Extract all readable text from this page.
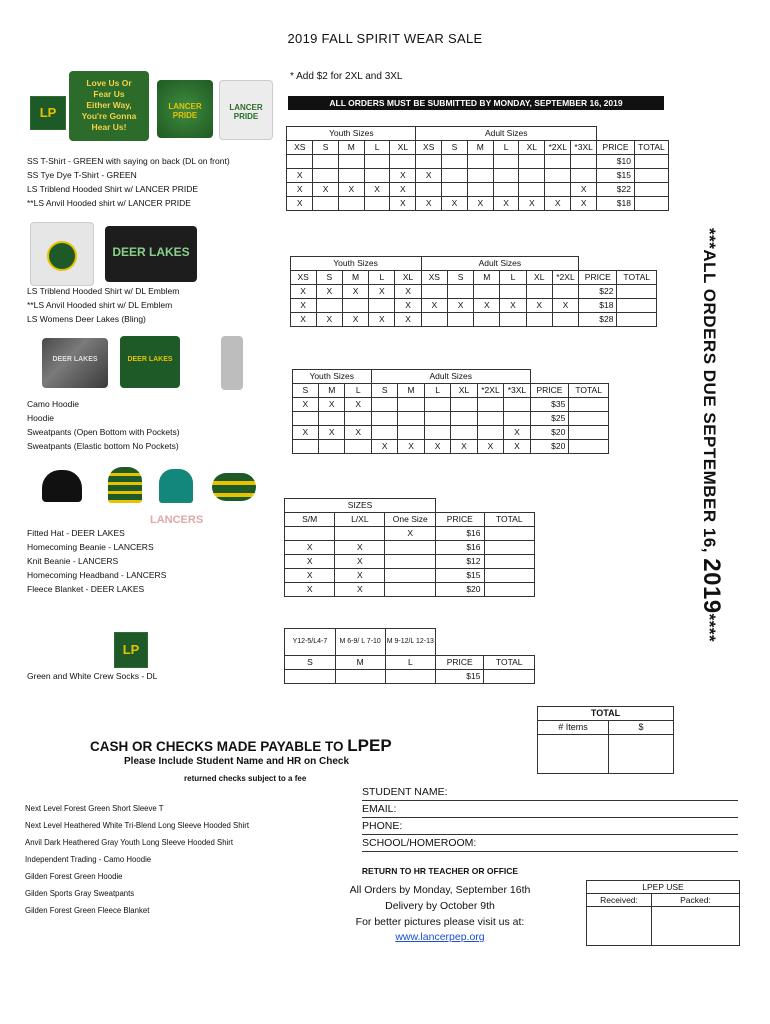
2019 FALL SPIRIT WEAR SALE
* Add $2 for 2XL and 3XL
LP
Love Us Or
Fear Us
Either Way,
You're Gonna
Hear Us!
LANCER PRIDE
LANCER PRIDE
ALL ORDERS MUST BE SUBMITTED BY MONDAY, SEPTEMBER 16, 2019
	Youth Sizes					Adult Sizes								
	XS	S	M	L	XL	XS	S	M	L	XL	*2XL	*3XL	PRICE	TOTAL
SS T-Shirt - GREEN with saying on back (DL on front)													$10	
SS Tye Dye T-Shirt - GREEN	X				X	X							$15	
LS Triblend Hooded Shirt w/ LANCER PRIDE	X	X	X	X	X							X	$22	
**LS Anvil Hooded shirt w/ LANCER PRIDE	X				X	X	X	X	X	X	X	X	$18	
DEER LAKES
	Youth Sizes					Adult Sizes							
	XS	S	M	L	XL	XS	S	M	L	XL	*2XL	PRICE	TOTAL
LS Triblend Hooded Shirt w/ DL Emblem	X	X	X	X	X							$22	
**LS Anvil Hooded shirt w/ DL Emblem	X				X	X	X	X	X	X	X	$18	
LS Womens Deer Lakes (Bling)	X	X	X	X	X							$28	
DEER LAKES	DEER LAKES
	Youth Sizes			Adult Sizes							
	S	M	L	S	M	L	XL	*2XL	*3XL	PRICE	TOTAL
Camo Hoodie	X	X	X							$35	
Hoodie										$25	
Sweatpants (Open Bottom with Pockets)	X	X	X						X	$20	
Sweatpants (Elastic bottom No Pockets)				X	X	X	X	X	X	$20	
LANCERS
	SIZES				
	S/M	L/XL	One Size	PRICE	TOTAL
Fitted Hat - DEER LAKES			X	$16	
Homecoming Beanie - LANCERS	X	X		$16	
Knit Beanie - LANCERS	X	X		$12	
Homecoming Headband - LANCERS	X	X		$15	
Fleece Blanket - DEER LAKES	X	X		$20	
LP
	Y12-5/L4-7	M 6-9/ L 7-10	M 9-12/L 12-13		
	S	M	L	PRICE	TOTAL
Green and White Crew Socks - DL				$15	
***ALL ORDERS DUE SEPTEMBER 16, 2019****
TOTAL
# Items	$
CASH OR CHECKS MADE PAYABLE TO LPEP
Please Include Student Name and HR on Check
returned checks subject to a fee
STUDENT NAME:
EMAIL:
PHONE:
SCHOOL/HOMEROOM:
Next Level Forest Green Short Sleeve T
Next Level Heathered White Tri-Blend Long Sleeve Hooded Shirt
Anvil Dark Heathered Gray Youth Long Sleeve Hooded Shirt
Independent Trading - Camo Hoodie
Gilden Forest Green Hoodie
Gilden Sports Gray Sweatpants
Gilden Forest Green Fleece Blanket
RETURN TO HR TEACHER OR OFFICE
All Orders by Monday, September 16th
Delivery by October 9th
For better pictures please visit us at:
www.lancerpep.org
LPEP USE
Received:	Packed:
